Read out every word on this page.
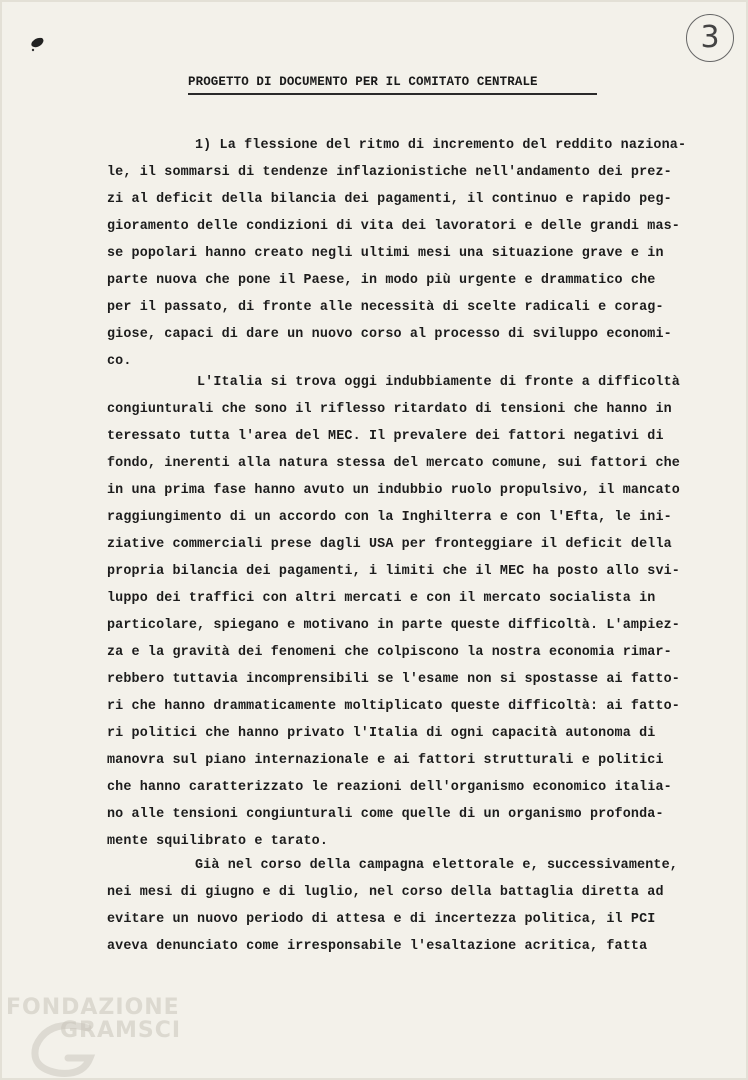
3
PROGETTO DI DOCUMENTO PER IL COMITATO CENTRALE
1) La flessione del ritmo di incremento del reddito naziona-
le, il sommarsi di tendenze inflazionistiche nell'andamento dei prez-
zi al deficit della bilancia dei pagamenti, il continuo e rapido peg-
gioramento delle condizioni di vita dei lavoratori e delle grandi mas-
se popolari hanno creato negli ultimi mesi una situazione grave e in
parte nuova che pone il Paese, in modo più urgente e drammatico che
per il passato, di fronte alle necessità di scelte radicali e corag-
giose, capaci di dare un nuovo corso al processo di sviluppo economi-
co.
L'Italia si trova oggi indubbiamente di fronte a difficoltà
congiunturali che sono il riflesso ritardato di tensioni che hanno in
teressato tutta l'area del MEC. Il prevalere dei fattori negativi di
fondo, inerenti alla natura stessa del mercato comune, sui fattori che
in una prima fase hanno avuto un indubbio ruolo propulsivo, il mancato
raggiungimento di un accordo con la Inghilterra e con l'Efta, le ini-
ziative commerciali prese dagli USA per fronteggiare il deficit della
propria bilancia dei pagamenti, i limiti che il MEC ha posto allo svi-
luppo dei traffici con altri mercati e con il mercato socialista in
particolare, spiegano e motivano in parte queste difficoltà. L'ampiez-
za e la gravità dei fenomeni che colpiscono la nostra economia rimar-
rebbero tuttavia incomprensibili se l'esame non si spostasse ai fatto-
ri che hanno drammaticamente moltiplicato queste difficoltà: ai fatto-
ri politici che hanno privato l'Italia di ogni capacità autonoma di
manovra sul piano internazionale e ai fattori strutturali e politici
che hanno caratterizzato le reazioni dell'organismo economico italia-
no alle tensioni congiunturali come quelle di un organismo profonda-
mente squilibrato e tarato.
Già nel corso della campagna elettorale e, successivamente,
nei mesi di giugno e di luglio, nel corso della battaglia diretta ad
evitare un nuovo periodo di attesa e di incertezza politica, il PCI
aveva denunciato come irresponsabile l'esaltazione acritica, fatta
FONDAZIONE
GRAMSCI
